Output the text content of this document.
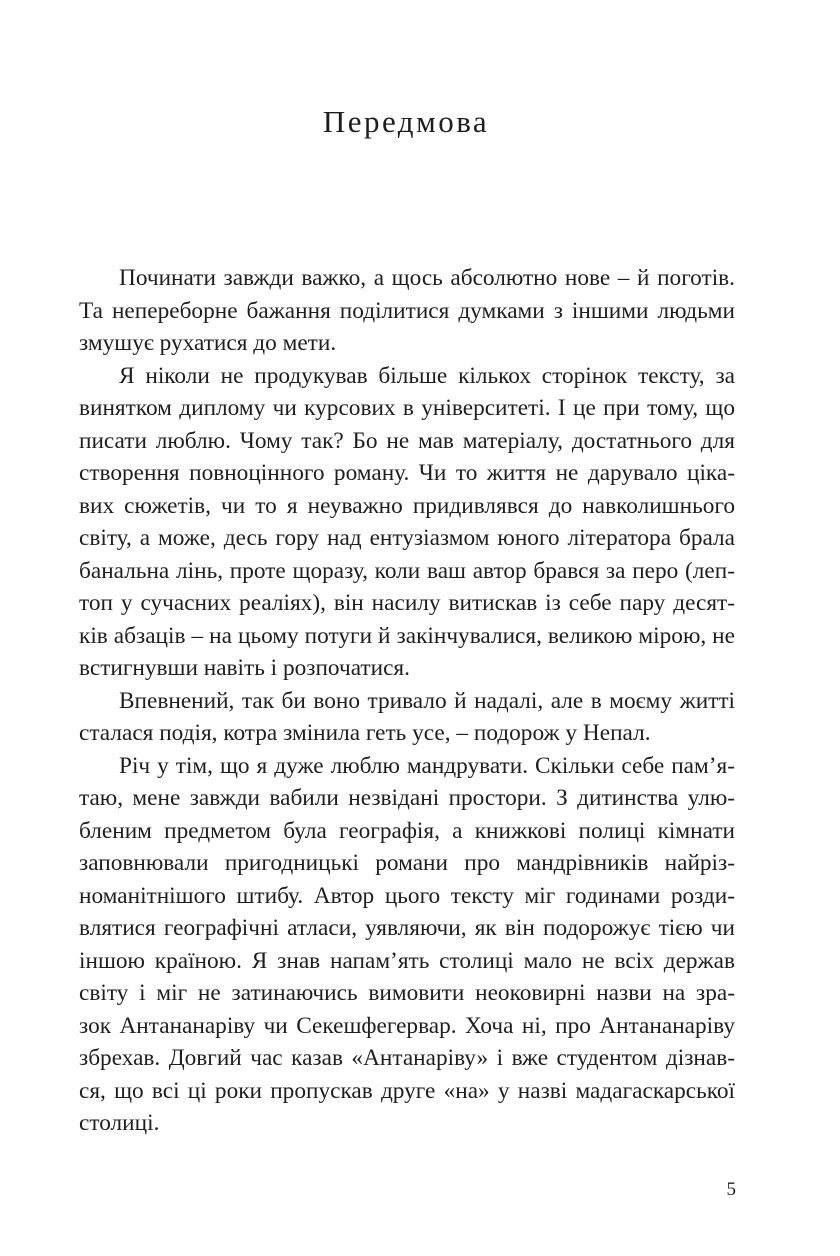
Передмова

Починати завжди важко, а щось абсолютно нове – й поготів.
Та непереборне бажання поділитися думками з іншими людьми
змушує рухатися до мети.

Я ніколи не продукував більше кількох сторінок тексту, за
винятком диплому чи курсових в університеті. І це при тому, що
писати люблю. Чому так? Бо не мав матеріалу, достатнього для
створення повноцінного роману. Чи то життя не дарувало ціка-
вих сюжетів, чи то я неуважно придивлявся до навколишнього
світу, а може, десь гору над ентузіазмом юного літератора брала
банальна лінь, проте щоразу, коли ваш автор брався за перо (леп-
топ у сучасних реаліях), він насилу витискав із себе пару десят-
ків абзаців – на цьому потуги й закінчувалися, великою мірою, не
встигнувши навіть і розпочатися.

Впевнений, так би воно тривало й надалі, але в моєму житті
сталася подія, котра змінила геть усе, – подорож у Непал.

Річ у тім, що я дуже люблю мандрувати. Скільки себе пам’я-
таю, мене завжди вабили незвідані простори. З дитинства улю-
бленим предметом була географія, а книжкові полиці кімнати
заповнювали пригодницькі романи про мандрівників найріз-
номанітнішого штибу. Автор цього тексту міг годинами розди-
влятися географічні атласи, уявляючи, як він подорожує тією чи
іншою країною. Я знав напам’ять столиці мало не всіх держав
світу і міг не затинаючись вимовити неоковирні назви на зра-
зок Антананаріву чи Секешфегервар. Хоча ні, про Антананаріву
збрехав. Довгий час казав «Антанаріву» і вже студентом дізнав-
ся, що всі ці роки пропускав друге «на» у назві мадагаскарської
столиці.

5
